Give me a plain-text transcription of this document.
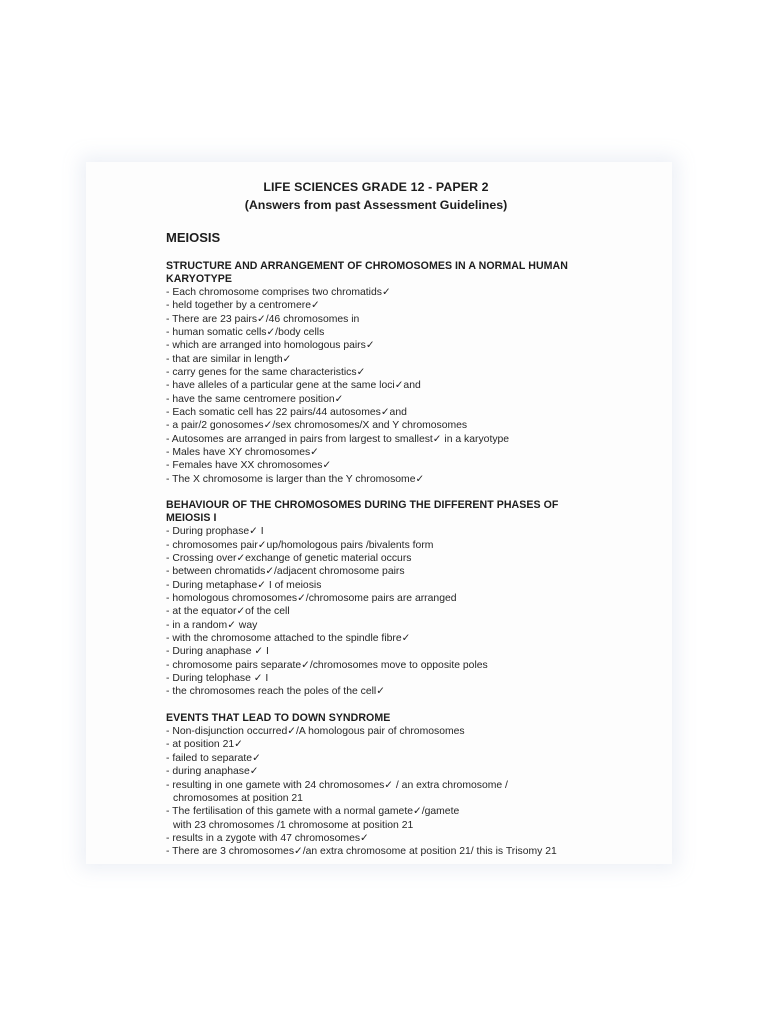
LIFE SCIENCES GRADE 12 - PAPER 2

(Answers from past Assessment Guidelines)

MEIOSIS

STRUCTURE AND ARRANGEMENT OF CHROMOSOMES IN A NORMAL HUMAN KARYOTYPE
- Each chromosome comprises two chromatids✓
- held together by a centromere✓
- There are 23 pairs✓/46 chromosomes in
- human somatic cells✓/body cells
- which are arranged into homologous pairs✓
- that are similar in length✓
- carry genes for the same characteristics✓
- have alleles of a particular gene at the same loci✓and
- have the same centromere position✓
- Each somatic cell has 22 pairs/44 autosomes✓and
- a pair/2 gonosomes✓/sex chromosomes/X and Y chromosomes
- Autosomes are arranged in pairs from largest to smallest✓ in a karyotype
- Males have XY chromosomes✓
- Females have XX chromosomes✓
- The X chromosome is larger than the Y chromosome✓
BEHAVIOUR OF THE CHROMOSOMES DURING THE DIFFERENT PHASES OF MEIOSIS I
- During prophase✓ I
- chromosomes pair✓up/homologous pairs /bivalents form
- Crossing over✓exchange of genetic material occurs
- between chromatids✓/adjacent chromosome pairs
- During metaphase✓ I of meiosis
- homologous chromosomes✓/chromosome pairs are arranged
- at the equator✓of the cell
- in a random✓ way
- with the chromosome attached to the spindle fibre✓
- During anaphase ✓ I
- chromosome pairs separate✓/chromosomes move to opposite poles
- During telophase ✓ I
- the chromosomes reach the poles of the cell✓
EVENTS THAT LEAD TO DOWN SYNDROME
- Non-disjunction occurred✓/A homologous pair of chromosomes
- at position 21✓
- failed to separate✓
- during anaphase✓
- resulting in one gamete with 24 chromosomes✓ / an extra chromosome /
chromosomes at position 21
- The fertilisation of this gamete with a normal gamete✓/gamete
with 23 chromosomes /1 chromosome at position 21
- results in a zygote with 47 chromosomes✓
- There are 3 chromosomes✓/an extra chromosome at position 21/ this is Trisomy 21
